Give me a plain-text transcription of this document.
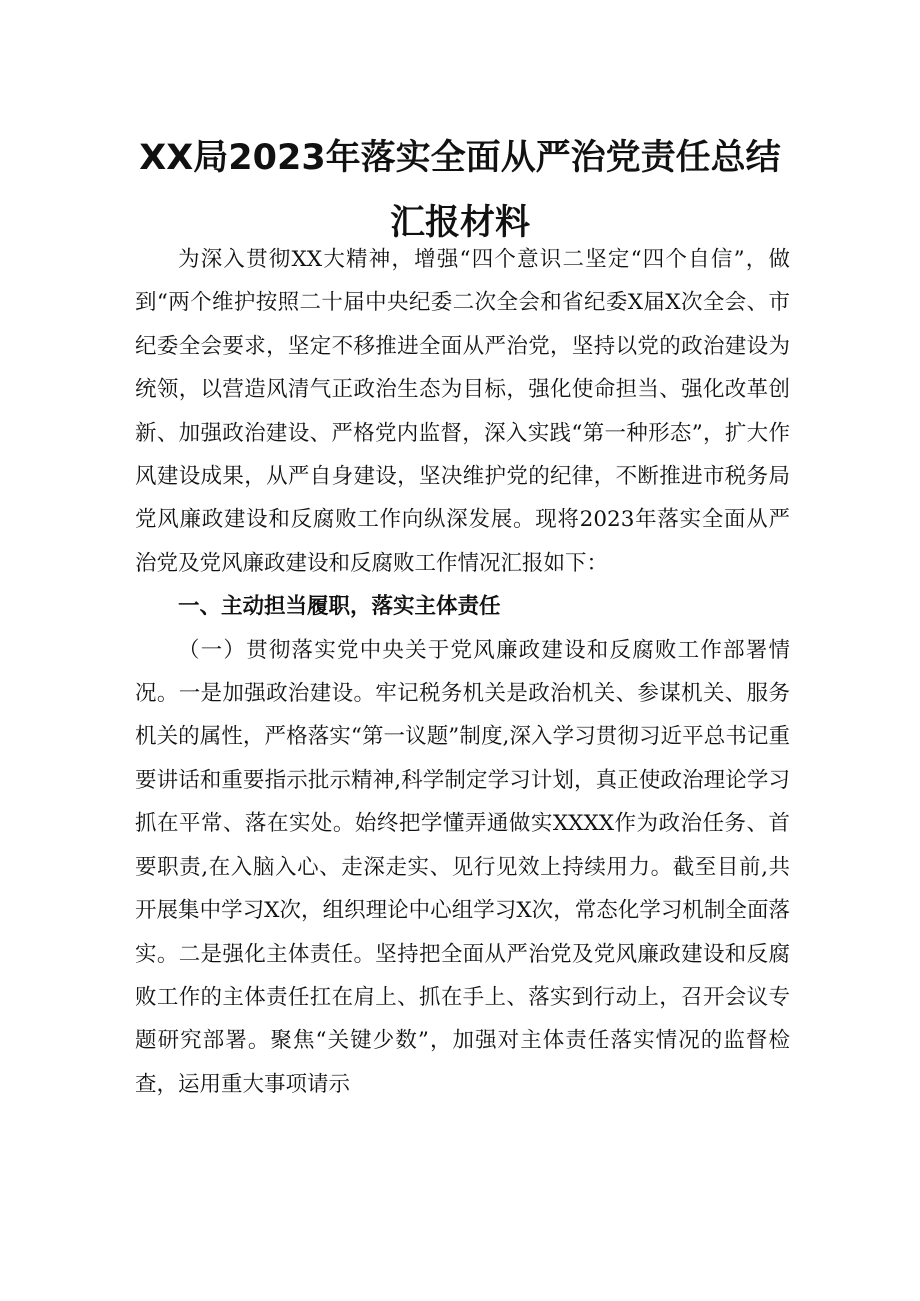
XX局2023年落实全面从严治党责任总结
汇报材料

为深入贯彻XX大精神，增强“四个意识二坚定“四个自信”，做到“两个维护按照二十届中央纪委二次全会和省纪委X届X次全会、市纪委全会要求，坚定不移推进全面从严治党，坚持以党的政治建设为统领，以营造风清气正政治生态为目标，强化使命担当、强化改革创新、加强政治建设、严格党内监督，深入实践“第一种形态”，扩大作风建设成果，从严自身建设，坚决维护党的纪律，不断推进市税务局党风廉政建设和反腐败工作向纵深发展。现将2023年落实全面从严治党及党风廉政建设和反腐败工作情况汇报如下：

一、主动担当履职，落实主体责任

（一）贯彻落实党中央关于党风廉政建设和反腐败工作部署情况。一是加强政治建设。牢记税务机关是政治机关、参谋机关、服务机关的属性，严格落实“第一议题”制度,深入学习贯彻习近平总书记重要讲话和重要指示批示精神,科学制定学习计划，真正使政治理论学习抓在平常、落在实处。始终把学懂弄通做实XXXX作为政治任务、首要职责,在入脑入心、走深走实、见行见效上持续用力。截至目前,共开展集中学习X次，组织理论中心组学习X次，常态化学习机制全面落实。二是强化主体责任。坚持把全面从严治党及党风廉政建设和反腐败工作的主体责任扛在肩上、抓在手上、落实到行动上，召开会议专题研究部署。聚焦“关键少数”，加强对主体责任落实情况的监督检查，运用重大事项请示
